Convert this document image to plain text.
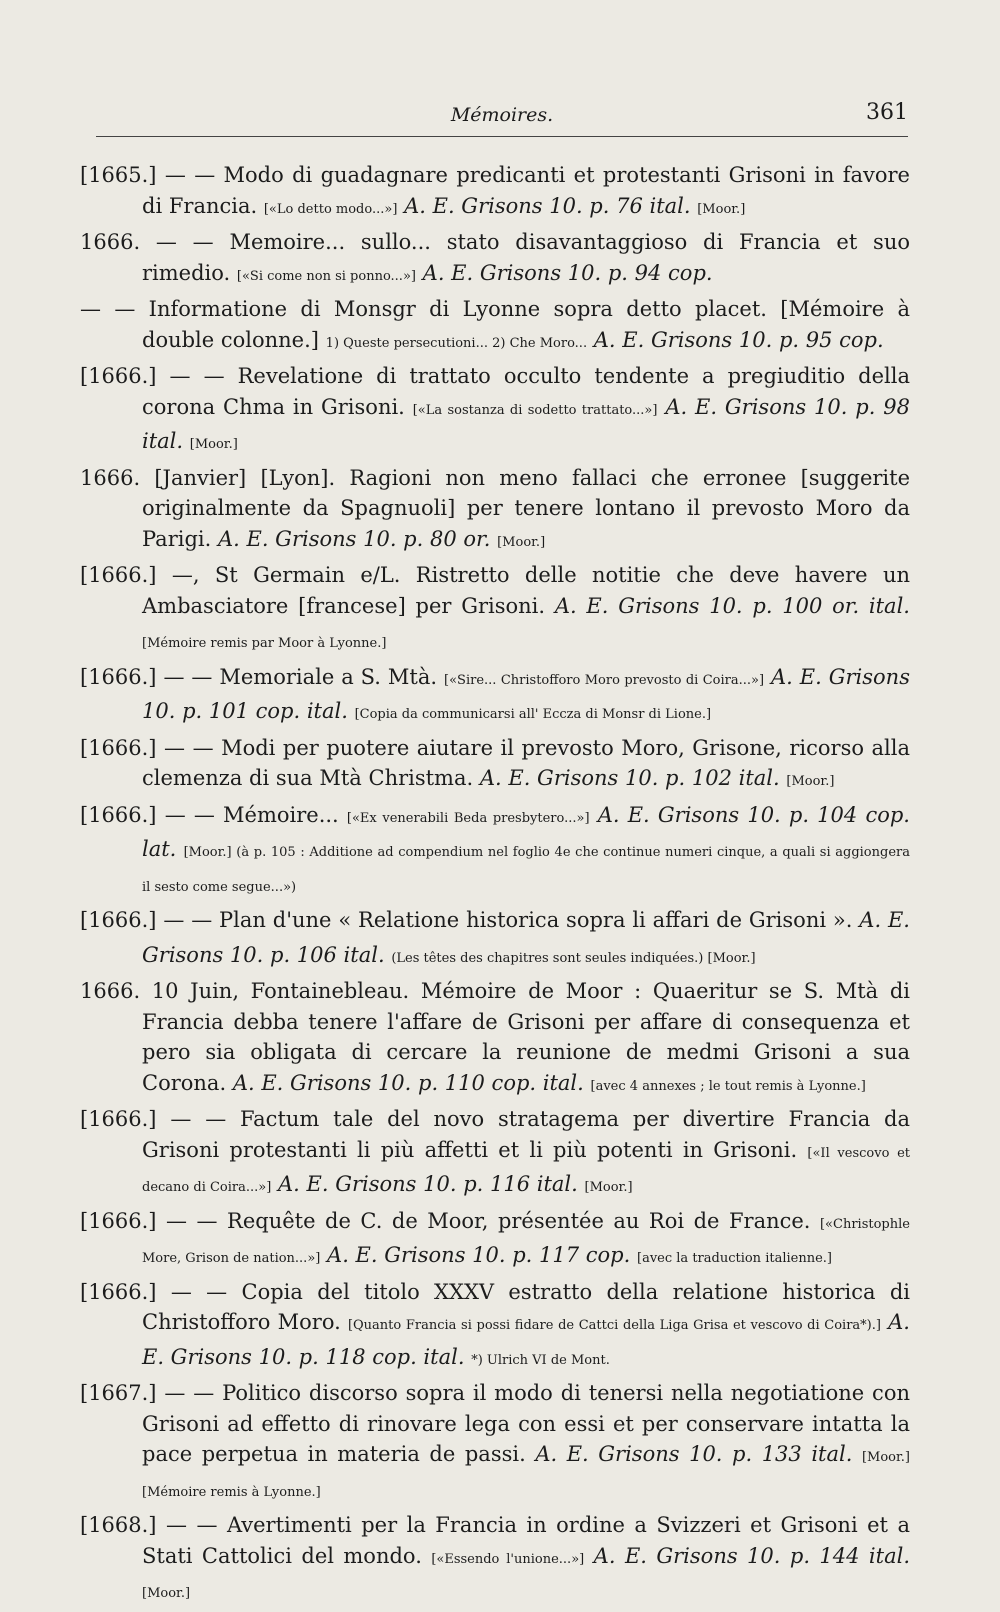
Mémoires.	361

[1665.] — — Modo di guadagnare predicanti et protestanti Grisoni in favore di Francia. [«Lo detto modo...»] A. E. Grisons 10. p. 76 ital. [Moor.]

1666. — — Memoire... sullo... stato disavantaggioso di Francia et suo rimedio. [«Si come non si ponno...»] A. E. Grisons 10. p. 94 cop.

— — Informatione di Monsgr di Lyonne sopra detto placet. [Mémoire à double colonne.] 1) Queste persecutioni... 2) Che Moro... A. E. Grisons 10. p. 95 cop.

[1666.] — — Revelatione di trattato occulto tendente a pregiuditio della corona Chma in Grisoni. [«La sostanza di sodetto trattato...»] A. E. Grisons 10. p. 98 ital. [Moor.]

1666. [Janvier] [Lyon]. Ragioni non meno fallaci che erronee [suggerite originalmente da Spagnuoli] per tenere lontano il prevosto Moro da Parigi. A. E. Grisons 10. p. 80 or. [Moor.]

[1666.] —, St Germain e/L. Ristretto delle notitie che deve havere un Ambasciatore [francese] per Grisoni. A. E. Grisons 10. p. 100 or. ital. [Mémoire remis par Moor à Lyonne.]

[1666.] — — Memoriale a S. Mtà. [«Sire... Christofforo Moro prevosto di Coira...»] A. E. Grisons 10. p. 101 cop. ital. [Copia da communicarsi all' Eccza di Monsr di Lione.]

[1666.] — — Modi per puotere aiutare il prevosto Moro, Grisone, ricorso alla clemenza di sua Mtà Christma. A. E. Grisons 10. p. 102 ital. [Moor.]

[1666.] — — Mémoire... [«Ex venerabili Beda presbytero...»] A. E. Grisons 10. p. 104 cop. lat. [Moor.] (à p. 105 : Additione ad compendium nel foglio 4e che continue numeri cinque, a quali si aggiongera il sesto come segue...»)

[1666.] — — Plan d'une « Relatione historica sopra li affari de Grisoni ». A. E. Grisons 10. p. 106 ital. (Les têtes des chapitres sont seules indiquées.) [Moor.]

1666. 10 Juin, Fontainebleau. Mémoire de Moor : Quaeritur se S. Mtà di Francia debba tenere l'affare de Grisoni per affare di consequenza et pero sia obligata di cercare la reunione de medmi Grisoni a sua Corona. A. E. Grisons 10. p. 110 cop. ital. [avec 4 annexes ; le tout remis à Lyonne.]

[1666.] — — Factum tale del novo stratagema per divertire Francia da Grisoni protestanti li più affetti et li più potenti in Grisoni. [«Il vescovo et decano di Coira...»] A. E. Grisons 10. p. 116 ital. [Moor.]

[1666.] — — Requête de C. de Moor, présentée au Roi de France. [«Christophle More, Grison de nation...»] A. E. Grisons 10. p. 117 cop. [avec la traduction italienne.]

[1666.] — — Copia del titolo XXXV estratto della relatione historica di Christofforo Moro. [Quanto Francia si possi fidare de Cattci della Liga Grisa et vescovo di Coira*).] A. E. Grisons 10. p. 118 cop. ital. *) Ulrich VI de Mont.

[1667.] — — Politico discorso sopra il modo di tenersi nella negotiatione con Grisoni ad effetto di rinovare lega con essi et per conservare intatta la pace perpetua in materia de passi. A. E. Grisons 10. p. 133 ital. [Moor.] [Mémoire remis à Lyonne.]

[1668.] — — Avertimenti per la Francia in ordine a Svizzeri et Grisoni et a Stati Cattolici del mondo. [«Essendo l'unione...»] A. E. Grisons 10. p. 144 ital. [Moor.]
